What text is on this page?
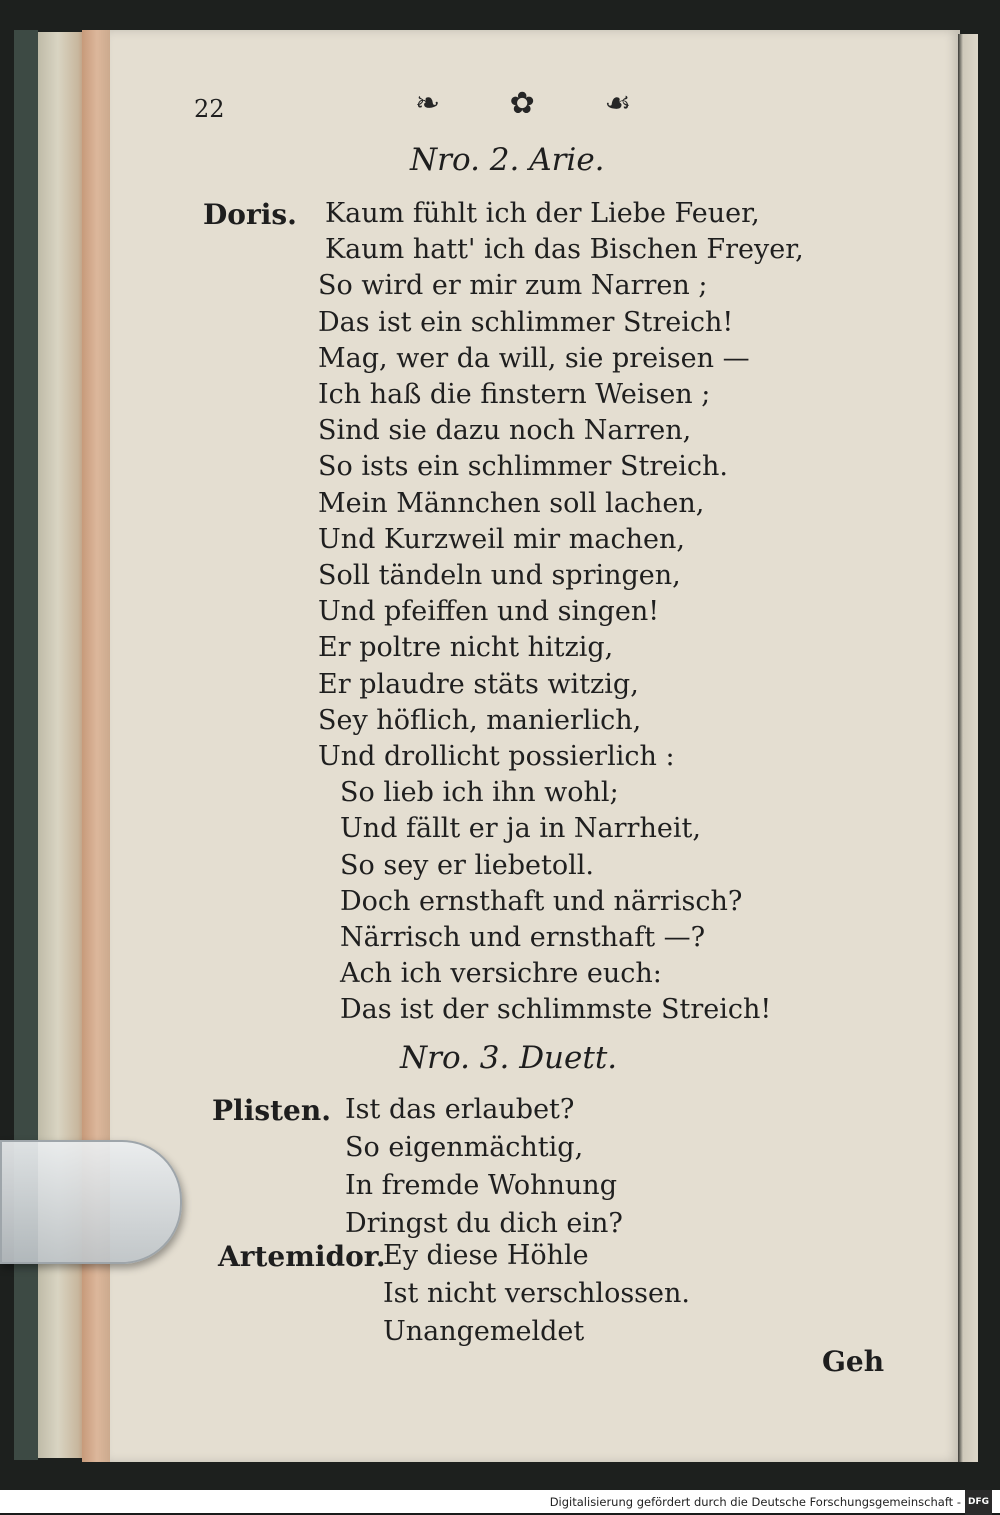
22	❧ ✿ ☙
Nro. 2. Arie.
Doris. Kaum fühlt ich der Liebe Feuer,
Kaum hatt' ich das Bischen Freyer,
So wird er mir zum Narren ;
Das ist ein schlimmer Streich!
Mag, wer da will, sie preisen —
Ich haß die finstern Weisen ;
Sind sie dazu noch Narren,
So ists ein schlimmer Streich.
Mein Männchen soll lachen,
Und Kurzweil mir machen,
Soll tändeln und springen,
Und pfeiffen und singen!
Er poltre nicht hitzig,
Er plaudre stäts witzig,
Sey höflich, manierlich,
Und drollicht possierlich :
So lieb ich ihn wohl;
Und fällt er ja in Narrheit,
So sey er liebetoll.
Doch ernsthaft und närrisch?
Närrisch und ernsthaft —?
Ach ich versichre euch:
Das ist der schlimmste Streich!
Nro. 3. Duett.
Plisten. Ist das erlaubet?
So eigenmächtig,
In fremde Wohnung
Dringst du dich ein?
Artemidor.
Ey diese Höhle
Ist nicht verschlossen.
Unangemeldet
Geh
Digitalisierung gefördert durch die Deutsche Forschungsgemeinschaft - DFG
